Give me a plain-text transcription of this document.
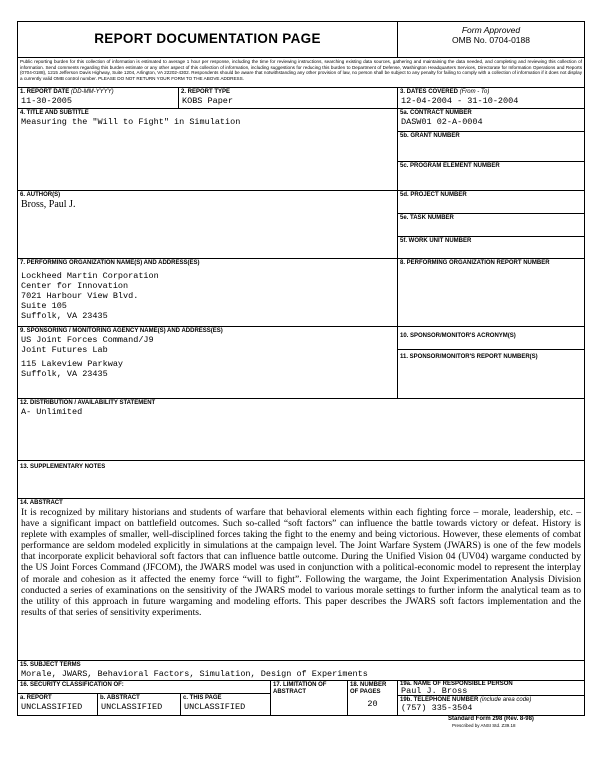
REPORT DOCUMENTATION PAGE
Form Approved
OMB No. 0704-0188
Public reporting burden for this collection of information is estimated to average 1 hour per response, including the time for reviewing instructions, searching existing data sources, gathering and maintaining the data needed, and completing and reviewing this collection of information. Send comments regarding this burden estimate or any other aspect of this collection of information, including suggestions for reducing this burden to Department of Defense, Washington Headquarters Services, Directorate for Information Operations and Reports (0704-0188), 1215 Jefferson Davis Highway, Suite 1204, Arlington, VA 22202-4302. Respondents should be aware that notwithstanding any other provision of law, no person shall be subject to any penalty for failing to comply with a collection of information if it does not display a currently valid OMB control number. PLEASE DO NOT RETURN YOUR FORM TO THE ABOVE ADDRESS.
1. REPORT DATE (DD-MM-YYYY)
11-30-2005
2. REPORT TYPE
KOBS Paper
3. DATES COVERED (From - To)
12-04-2004 - 31-10-2004
4. TITLE AND SUBTITLE
Measuring the "Will to Fight" in Simulation
5a. CONTRACT NUMBER
DASW01 02-A-0004
5b. GRANT NUMBER
5c. PROGRAM ELEMENT NUMBER
6. AUTHOR(S)
Bross, Paul J.
5d. PROJECT NUMBER
5e. TASK NUMBER
5f. WORK UNIT NUMBER
7. PERFORMING ORGANIZATION NAME(S) AND ADDRESS(ES)
Lockheed Martin Corporation
Center for Innovation
7021 Harbour View Blvd.
Suite 105
Suffolk, VA 23435
8. PERFORMING ORGANIZATION REPORT NUMBER
9. SPONSORING / MONITORING AGENCY NAME(S) AND ADDRESS(ES)
US Joint Forces Command/J9
Joint Futures Lab
115 Lakeview Parkway
Suffolk, VA 23435
10. SPONSOR/MONITOR'S ACRONYM(S)
11. SPONSOR/MONITOR'S REPORT NUMBER(S)
12. DISTRIBUTION / AVAILABILITY STATEMENT
A- Unlimited
13. SUPPLEMENTARY NOTES
14. ABSTRACT
It is recognized by military historians and students of warfare that behavioral elements within each fighting force – morale, leadership, etc. – have a significant impact on battlefield outcomes. Such so-called “soft factors” can influence the battle towards victory or defeat. History is replete with examples of smaller, well-disciplined forces taking the fight to the enemy and being victorious. However, these elements of combat performance are seldom modeled explicitly in simulations at the campaign level. The Joint Warfare System (JWARS) is one of the few models that incorporate explicit behavioral soft factors that can influence battle outcome. During the Unified Vision 04 (UV04) wargame conducted by the US Joint Forces Command (JFCOM), the JWARS model was used in conjunction with a political-economic model to represent the interplay of morale and cohesion as it affected the enemy force “will to fight”. Following the wargame, the Joint Experimentation Analysis Division conducted a series of examinations on the sensitivity of the JWARS model to various morale settings to further inform the analytical team as to the utility of this approach in future wargaming and modeling efforts. This paper describes the JWARS soft factors implementation and the results of that series of sensitivity experiments.
15. SUBJECT TERMS
Morale, JWARS, Behavioral Factors, Simulation, Design of Experiments
16. SECURITY CLASSIFICATION OF:
a. REPORT
UNCLASSIFIED
b. ABSTRACT
UNCLASSIFIED
c. THIS PAGE
UNCLASSIFIED
17. LIMITATION OF ABSTRACT
18. NUMBER OF PAGES
20
19a. NAME OF RESPONSIBLE PERSON
Paul J. Bross
19b. TELEPHONE NUMBER (include area code)
(757) 335-3504
Standard Form 298 (Rev. 8-98)
Prescribed by ANSI Std. Z39.18
